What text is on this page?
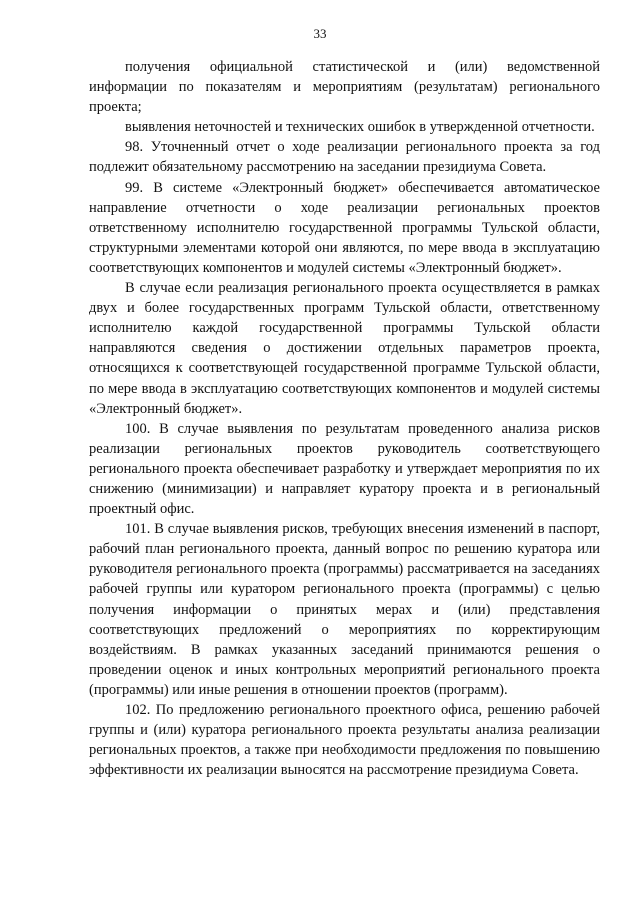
33

получения официальной статистической и (или) ведомственной информации по показателям и мероприятиям (результатам) регионального проекта;

выявления неточностей и технических ошибок в утвержденной отчетности.

98. Уточненный отчет о ходе реализации регионального проекта за год подлежит обязательному рассмотрению на заседании президиума Совета.

99. В системе «Электронный бюджет» обеспечивается автоматическое направление отчетности о ходе реализации региональных проектов ответственному исполнителю государственной программы Тульской области, структурными элементами которой они являются, по мере ввода в эксплуатацию соответствующих компонентов и модулей системы «Электронный бюджет».

В случае если реализация регионального проекта осуществляется в рамках двух и более государственных программ Тульской области, ответственному исполнителю каждой государственной программы Тульской области направляются сведения о достижении отдельных параметров проекта, относящихся к соответствующей государственной программе Тульской области, по мере ввода в эксплуатацию соответствующих компонентов и модулей системы «Электронный бюджет».

100. В случае выявления по результатам проведенного анализа рисков реализации региональных проектов руководитель соответствующего регионального проекта обеспечивает разработку и утверждает мероприятия по их снижению (минимизации) и направляет куратору проекта и в региональный проектный офис.

101. В случае выявления рисков, требующих внесения изменений в паспорт, рабочий план регионального проекта, данный вопрос по решению куратора или руководителя регионального проекта (программы) рассматривается на заседаниях рабочей группы или куратором регионального проекта (программы) с целью получения информации о принятых мерах и (или) представления соответствующих предложений о мероприятиях по корректирующим воздействиям. В рамках указанных заседаний принимаются решения о проведении оценок и иных контрольных мероприятий регионального проекта (программы) или иные решения в отношении проектов (программ).

102. По предложению регионального проектного офиса, решению рабочей группы и (или) куратора регионального проекта результаты анализа реализации региональных проектов, а также при необходимости предложения по повышению эффективности их реализации выносятся на рассмотрение президиума Совета.
